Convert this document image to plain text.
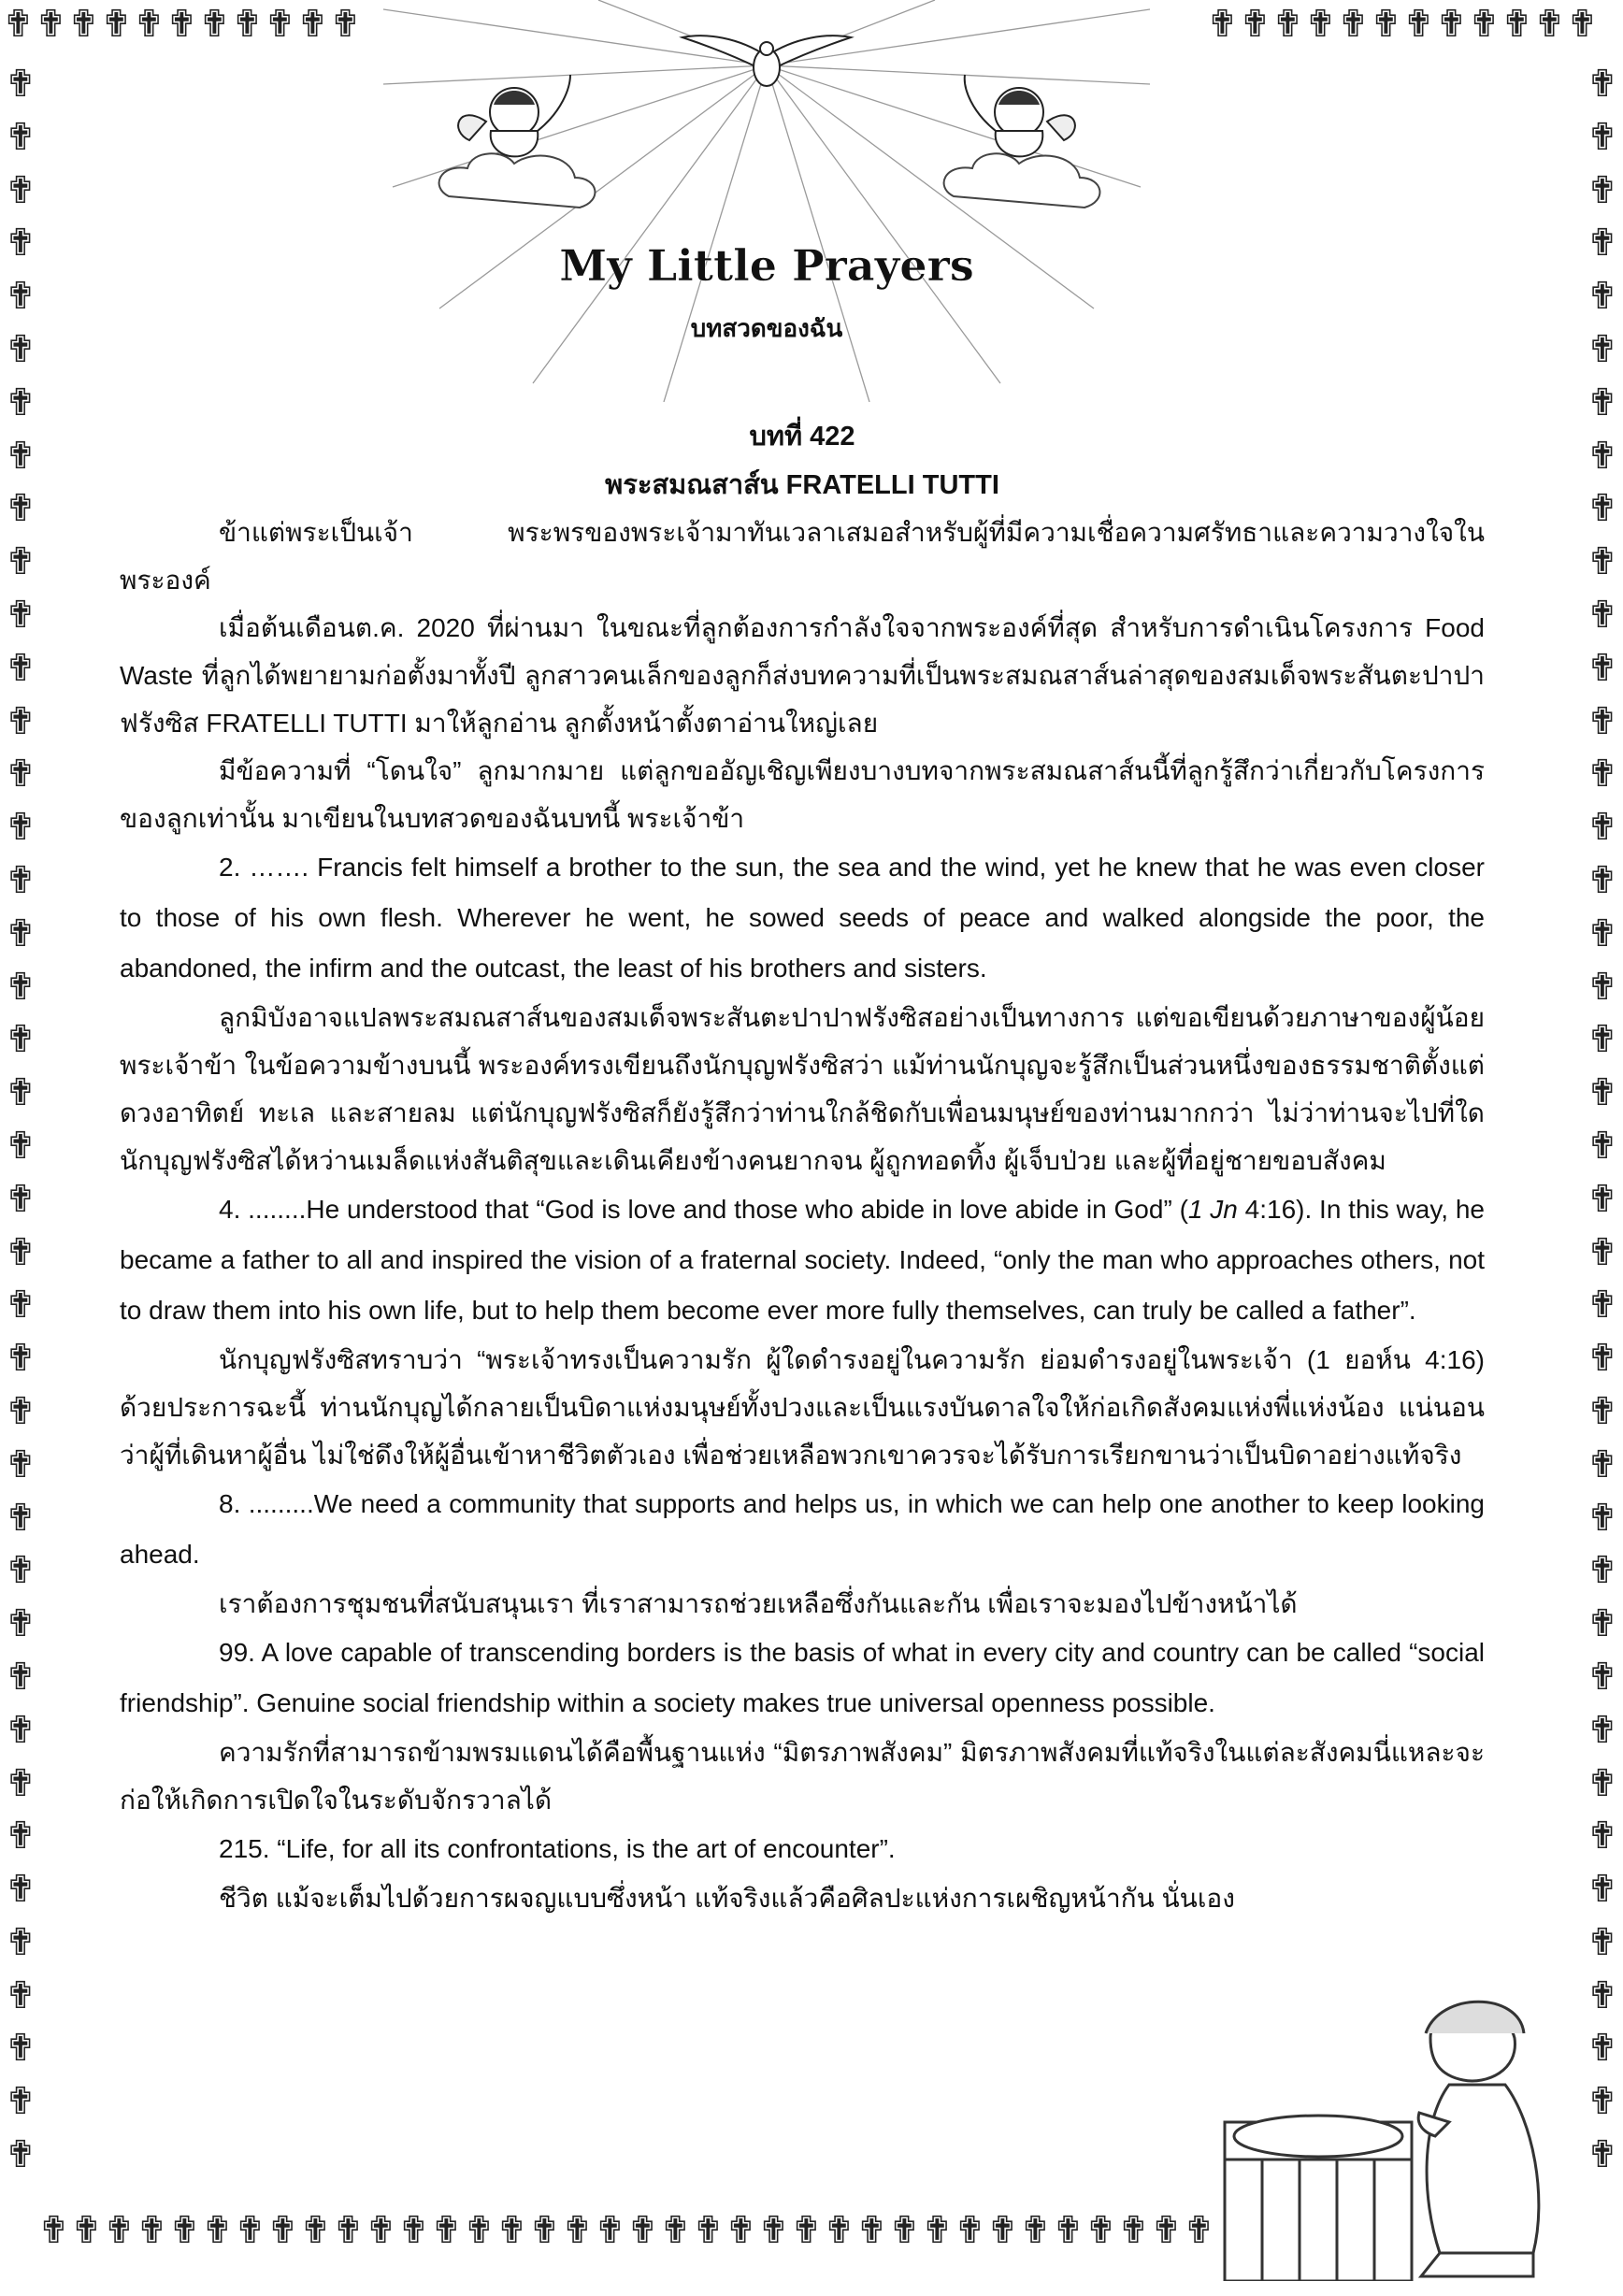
✟ ✟ ✟ ✟ ✟ ✟ ✟ ✟ ✟ ✟ ✟	✟ ✟ ✟ ✟ ✟ ✟ ✟ ✟ ✟ ✟ ✟ ✟
✟ ✟ ✟ ✟ ✟ ✟ ✟ ✟ ✟ ✟ ✟ ✟ ✟ ✟ ✟ ✟ ✟ ✟ ✟ ✟ ✟ ✟ ✟ ✟ ✟ ✟ ✟ ✟ ✟ ✟ ✟ ✟ ✟ ✟ ✟ ✟
✟
✟
✟
✟
✟
✟
✟
✟
✟
✟
✟
✟
✟
✟
✟
✟
✟
✟
✟
✟
✟
✟
✟
✟
✟
✟
✟
✟
✟
✟
✟
✟
✟
✟
✟
✟
✟
✟
✟
✟
✟
✟
✟
✟
✟
✟
✟
✟
✟
✟
✟
✟
✟
✟
✟
✟
✟
✟
✟
✟
✟
✟
✟
✟
✟
✟
✟
✟
✟
✟
✟
✟
✟
✟
✟
✟
✟
✟
✟
✟
My Little Prayers
บทสวดของฉัน

บทที่ 422

พระสมณสาส์น FRATELLI TUTTI

ข้าแต่พระเป็นเจ้า พระพรของพระเจ้ามาทันเวลาเสมอสำหรับผู้ที่มีความเชื่อความศรัทธาและความวางใจในพระองค์

เมื่อต้นเดือนต.ค. 2020 ที่ผ่านมา ในขณะที่ลูกต้องการกำลังใจจากพระองค์ที่สุด สำหรับการดำเนินโครงการ Food Waste ที่ลูกได้พยายามก่อตั้งมาทั้งปี ลูกสาวคนเล็กของลูกก็ส่งบทความที่เป็นพระสมณสาส์นล่าสุดของสมเด็จพระสันตะปาปาฟรังซิส FRATELLI TUTTI มาให้ลูกอ่าน ลูกตั้งหน้าตั้งตาอ่านใหญ่เลย

มีข้อความที่ “โดนใจ” ลูกมากมาย แต่ลูกขออัญเชิญเพียงบางบทจากพระสมณสาส์นนี้ที่ลูกรู้สึกว่าเกี่ยวกับโครงการของลูกเท่านั้น มาเขียนในบทสวดของฉันบทนี้ พระเจ้าข้า

2. ……. Francis felt himself a brother to the sun, the sea and the wind, yet he knew that he was even closer to those of his own flesh. Wherever he went, he sowed seeds of peace and walked alongside the poor, the abandoned, the infirm and the outcast, the least of his brothers and sisters.

ลูกมิบังอาจแปลพระสมณสาส์นของสมเด็จพระสันตะปาปาฟรังซิสอย่างเป็นทางการ แต่ขอเขียนด้วยภาษาของผู้น้อย พระเจ้าข้า ในข้อความข้างบนนี้ พระองค์ทรงเขียนถึงนักบุญฟรังซิสว่า แม้ท่านนักบุญจะรู้สึกเป็นส่วนหนึ่งของธรรมชาติตั้งแต่ดวงอาทิตย์ ทะเล และสายลม แต่นักบุญฟรังซิสก็ยังรู้สึกว่าท่านใกล้ชิดกับเพื่อนมนุษย์ของท่านมากกว่า ไม่ว่าท่านจะไปที่ใด นักบุญฟรังซิสได้หว่านเมล็ดแห่งสันติสุขและเดินเคียงข้างคนยากจน ผู้ถูกทอดทิ้ง ผู้เจ็บป่วย และผู้ที่อยู่ชายขอบสังคม

4. ........He understood that “God is love and those who abide in love abide in God” (1 Jn 4:16). In this way, he became a father to all and inspired the vision of a fraternal society. Indeed, “only the man who approaches others, not to draw them into his own life, but to help them become ever more fully themselves, can truly be called a father”.

นักบุญฟรังซิสทราบว่า “พระเจ้าทรงเป็นความรัก ผู้ใดดำรงอยู่ในความรัก ย่อมดำรงอยู่ในพระเจ้า (1 ยอห์น 4:16) ด้วยประการฉะนี้ ท่านนักบุญได้กลายเป็นบิดาแห่งมนุษย์ทั้งปวงและเป็นแรงบันดาลใจให้ก่อเกิดสังคมแห่งพี่แห่งน้อง แน่นอนว่าผู้ที่เดินหาผู้อื่น ไม่ใช่ดึงให้ผู้อื่นเข้าหาชีวิตตัวเอง เพื่อช่วยเหลือพวกเขาควรจะได้รับการเรียกขานว่าเป็นบิดาอย่างแท้จริง

8. .........We need a community that supports and helps us, in which we can help one another to keep looking ahead.

เราต้องการชุมชนที่สนับสนุนเรา ที่เราสามารถช่วยเหลือซึ่งกันและกัน เพื่อเราจะมองไปข้างหน้าได้

99. A love capable of transcending borders is the basis of what in every city and country can be called “social friendship”. Genuine social friendship within a society makes true universal openness possible.

ความรักที่สามารถข้ามพรมแดนได้คือพื้นฐานแห่ง “มิตรภาพสังคม” มิตรภาพสังคมที่แท้จริงในแต่ละสังคมนี่แหละจะก่อให้เกิดการเปิดใจในระดับจักรวาลได้

215. “Life, for all its confrontations, is the art of encounter”.

ชีวิต แม้จะเต็มไปด้วยการผจญแบบซึ่งหน้า แท้จริงแล้วคือศิลปะแห่งการเผชิญหน้ากัน นั่นเอง
